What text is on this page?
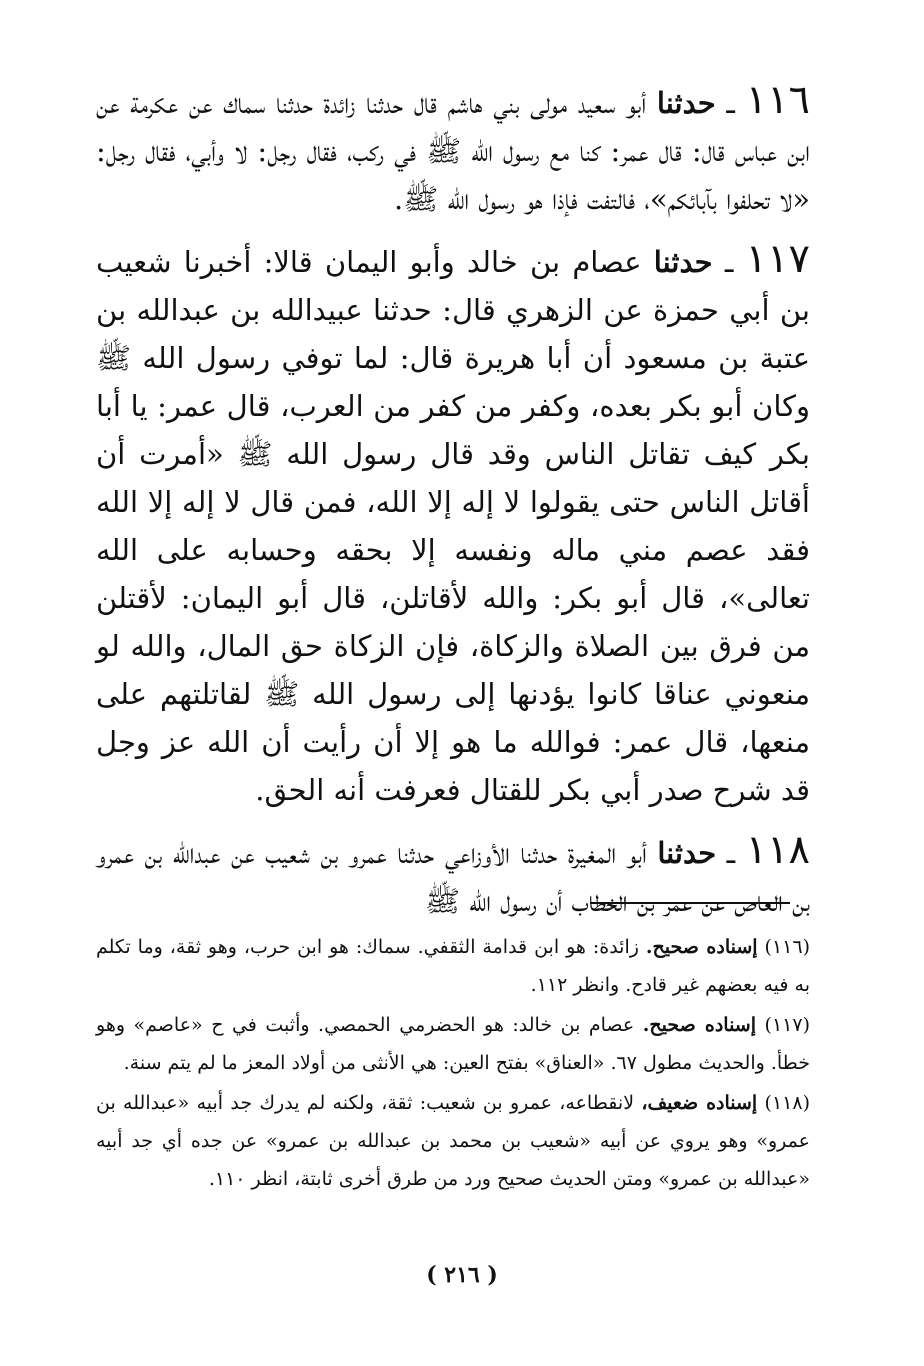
١١٦ ـ حدثنا أبو سعيد مولى بني هاشم قال حدثنا زائدة حدثنا سماك عن عكرمة عن ابن عباس قال: قال عمر: كنا مع رسول الله ﷺ في ركب، فقال رجل: لا وأبي، فقال رجل: «لا تحلفوا بآبائكم»، فالتفت فإذا هو رسول الله ﷺ.

١١٧ ـ حدثنا عصام بن خالد وأبو اليمان قالا: أخبرنا شعيب بن أبي حمزة عن الزهري قال: حدثنا عبيدالله بن عبدالله بن عتبة بن مسعود أن أبا هريرة قال: لما توفي رسول الله ﷺ وكان أبو بكر بعده، وكفر من كفر من العرب، قال عمر: يا أبا بكر كيف تقاتل الناس وقد قال رسول الله ﷺ «أمرت أن أقاتل الناس حتى يقولوا لا إله إلا الله، فمن قال لا إله إلا الله فقد عصم مني ماله ونفسه إلا بحقه وحسابه على الله تعالى»، قال أبو بكر: والله لأقاتلن، قال أبو اليمان: لأقتلن من فرق بين الصلاة والزكاة، فإن الزكاة حق المال، والله لو منعوني عناقا كانوا يؤدنها إلى رسول الله ﷺ لقاتلتهم على منعها، قال عمر: فوالله ما هو إلا أن رأيت أن الله عز وجل قد شرح صدر أبي بكر للقتال فعرفت أنه الحق.

١١٨ ـ حدثنا أبو المغيرة حدثنا الأوزاعي حدثنا عمرو بن شعيب عن عبدالله بن عمرو بن العاص عن عمر بن الخطاب أن رسول الله ﷺ

(١١٦) إسناده صحيح. زائدة: هو ابن قدامة الثقفي. سماك: هو ابن حرب، وهو ثقة، وما تكلم به فيه بعضهم غير قادح. وانظر ١١٢.

(١١٧) إسناده صحيح. عصام بن خالد: هو الحضرمي الحمصي. وأثبت في ح «عاصم» وهو خطأ. والحديث مطول ٦٧. «العناق» بفتح العين: هي الأنثى من أولاد المعز ما لم يتم سنة.

(١١٨) إسناده ضعيف، لانقطاعه، عمرو بن شعيب: ثقة، ولكنه لم يدرك جد أبيه «عبدالله بن عمرو» وهو يروي عن أبيه «شعيب بن محمد بن عبدالله بن عمرو» عن جده أي جد أبيه «عبدالله بن عمرو» ومتن الحديث صحيح ورد من طرق أخرى ثابتة، انظر ١١٠.

( ٢١٦ )
